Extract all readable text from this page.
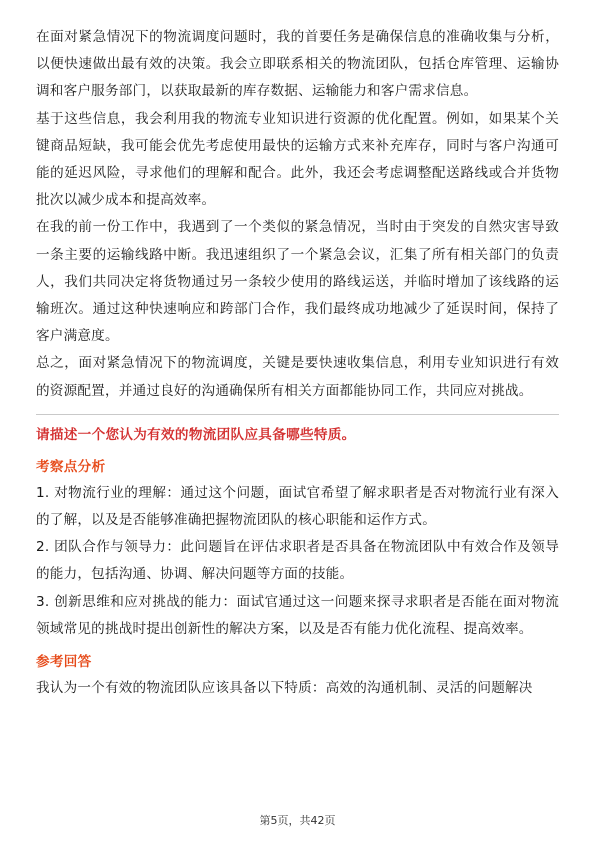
在面对紧急情况下的物流调度问题时，我的首要任务是确保信息的准确收集与分析，以便快速做出最有效的决策。我会立即联系相关的物流团队，包括仓库管理、运输协调和客户服务部门，以获取最新的库存数据、运输能力和客户需求信息。

基于这些信息，我会利用我的物流专业知识进行资源的优化配置。例如，如果某个关键商品短缺，我可能会优先考虑使用最快的运输方式来补充库存，同时与客户沟通可能的延迟风险，寻求他们的理解和配合。此外，我还会考虑调整配送路线或合并货物批次以减少成本和提高效率。

在我的前一份工作中，我遇到了一个类似的紧急情况，当时由于突发的自然灾害导致一条主要的运输线路中断。我迅速组织了一个紧急会议，汇集了所有相关部门的负责人，我们共同决定将货物通过另一条较少使用的路线运送，并临时增加了该线路的运输班次。通过这种快速响应和跨部门合作，我们最终成功地减少了延误时间，保持了客户满意度。

总之，面对紧急情况下的物流调度，关键是要快速收集信息，利用专业知识进行有效的资源配置，并通过良好的沟通确保所有相关方面都能协同工作，共同应对挑战。

请描述一个您认为有效的物流团队应具备哪些特质。

考察点分析

1. 对物流行业的理解：通过这个问题，面试官希望了解求职者是否对物流行业有深入的了解，以及是否能够准确把握物流团队的核心职能和运作方式。

2. 团队合作与领导力：此问题旨在评估求职者是否具备在物流团队中有效合作及领导的能力，包括沟通、协调、解决问题等方面的技能。

3. 创新思维和应对挑战的能力：面试官通过这一问题来探寻求职者是否能在面对物流领域常见的挑战时提出创新性的解决方案，以及是否有能力优化流程、提高效率。

参考回答

我认为一个有效的物流团队应该具备以下特质：高效的沟通机制、灵活的问题解决

第5页，共42页
